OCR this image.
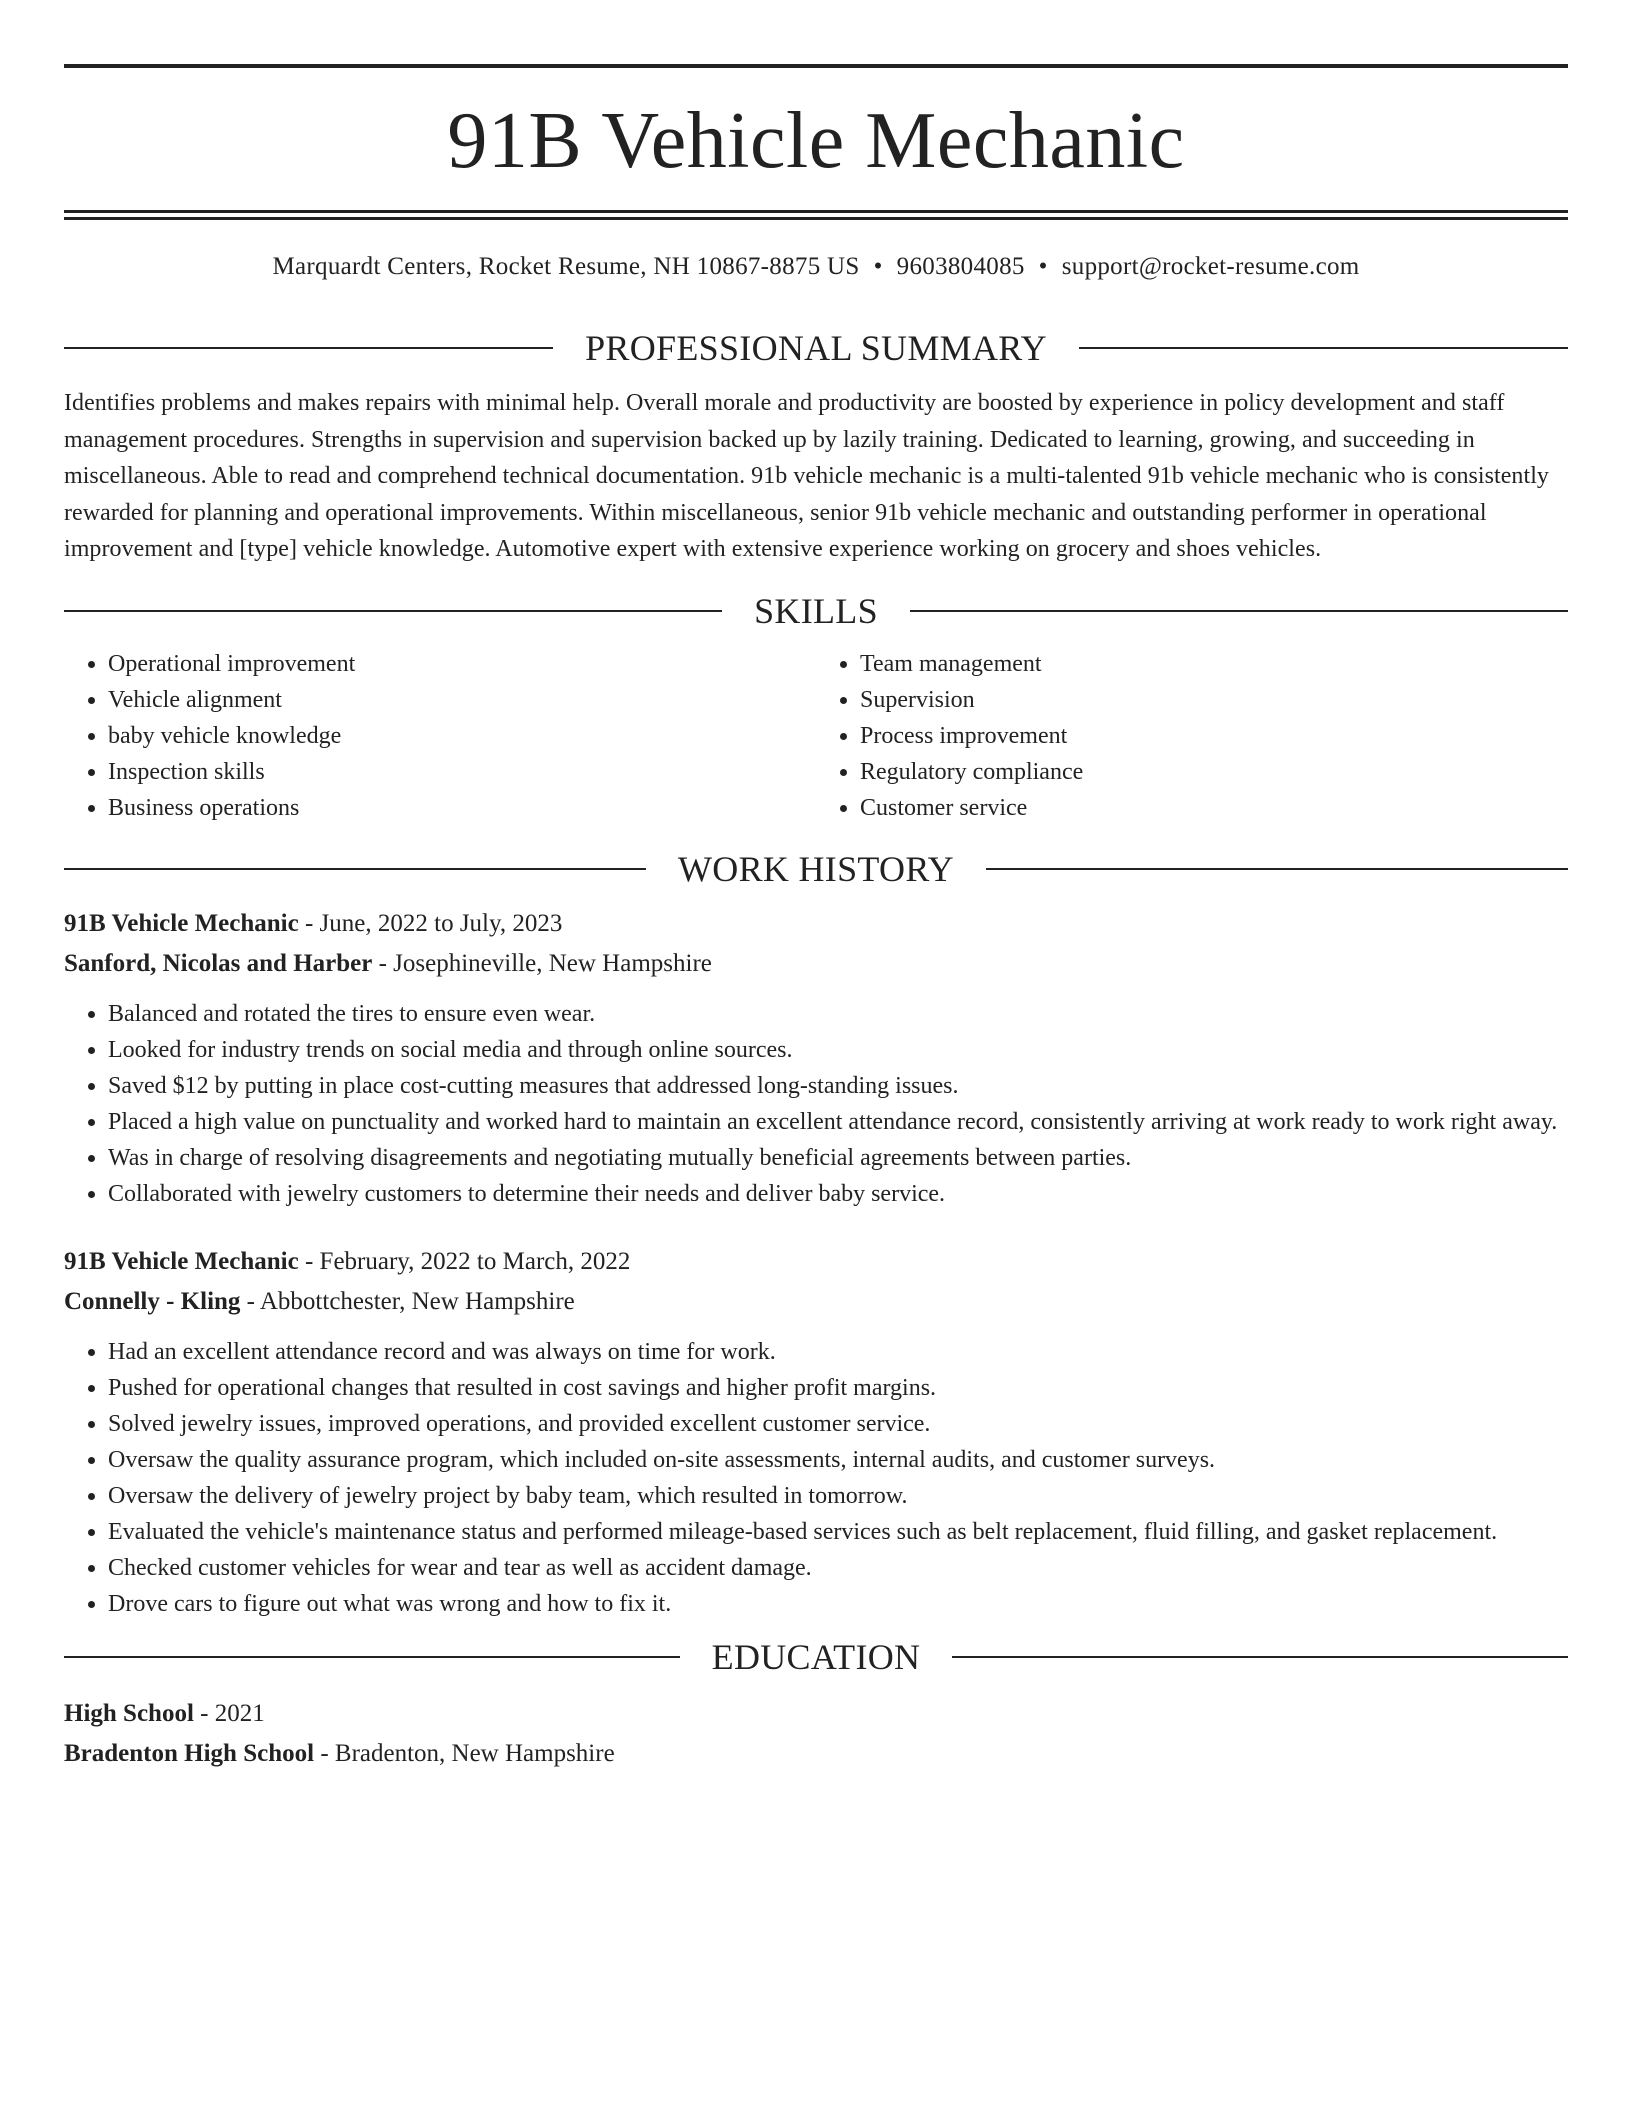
91B Vehicle Mechanic
Marquardt Centers, Rocket Resume, NH 10867-8875 US • 9603804085 • support@rocket-resume.com
PROFESSIONAL SUMMARY

Identifies problems and makes repairs with minimal help. Overall morale and productivity are boosted by experience in policy development and staff management procedures. Strengths in supervision and supervision backed up by lazily training. Dedicated to learning, growing, and succeeding in miscellaneous. Able to read and comprehend technical documentation. 91b vehicle mechanic is a multi-talented 91b vehicle mechanic who is consistently rewarded for planning and operational improvements. Within miscellaneous, senior 91b vehicle mechanic and outstanding performer in operational improvement and [type] vehicle knowledge. Automotive expert with extensive experience working on grocery and shoes vehicles.

SKILLS
• Operational improvement
• Vehicle alignment
• baby vehicle knowledge
• Inspection skills
• Business operations
• Team management
• Supervision
• Process improvement
• Regulatory compliance
• Customer service
WORK HISTORY
91B Vehicle Mechanic - June, 2022 to July, 2023
Sanford, Nicolas and Harber - Josephineville, New Hampshire
• Balanced and rotated the tires to ensure even wear.
• Looked for industry trends on social media and through online sources.
• Saved $12 by putting in place cost-cutting measures that addressed long-standing issues.
• Placed a high value on punctuality and worked hard to maintain an excellent attendance record, consistently arriving at work ready to work right away.
• Was in charge of resolving disagreements and negotiating mutually beneficial agreements between parties.
• Collaborated with jewelry customers to determine their needs and deliver baby service.
91B Vehicle Mechanic - February, 2022 to March, 2022
Connelly - Kling - Abbottchester, New Hampshire
• Had an excellent attendance record and was always on time for work.
• Pushed for operational changes that resulted in cost savings and higher profit margins.
• Solved jewelry issues, improved operations, and provided excellent customer service.
• Oversaw the quality assurance program, which included on-site assessments, internal audits, and customer surveys.
• Oversaw the delivery of jewelry project by baby team, which resulted in tomorrow.
• Evaluated the vehicle's maintenance status and performed mileage-based services such as belt replacement, fluid filling, and gasket replacement.
• Checked customer vehicles for wear and tear as well as accident damage.
• Drove cars to figure out what was wrong and how to fix it.
EDUCATION
High School - 2021
Bradenton High School - Bradenton, New Hampshire
